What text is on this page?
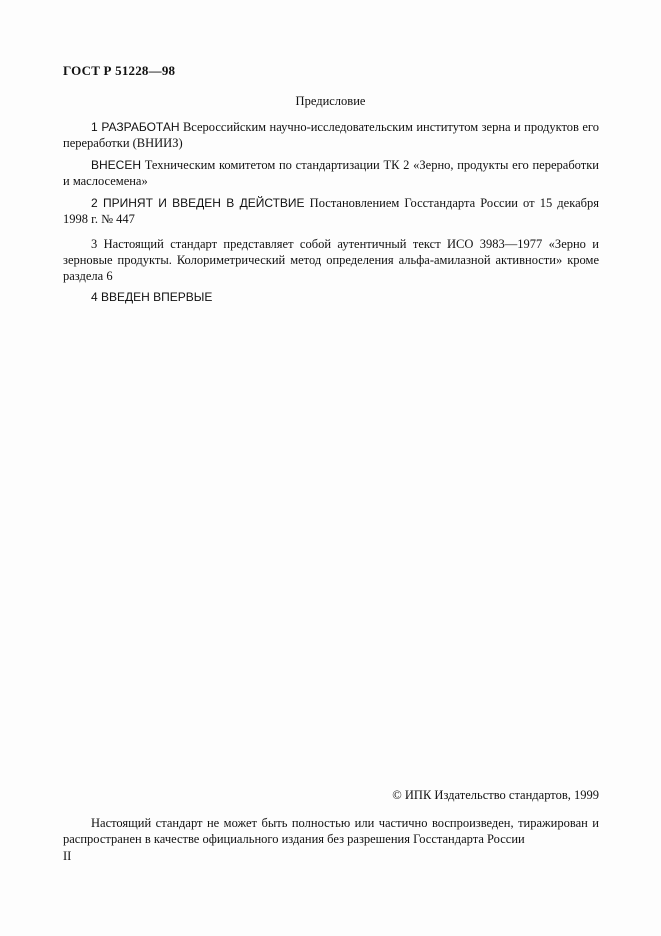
ГОСТ Р 51228—98
Предисловие
1 РАЗРАБОТАН Всероссийским научно-исследовательским институтом зерна и продуктов его переработки (ВНИИЗ)
ВНЕСЕН Техническим комитетом по стандартизации ТК 2 «Зерно, продукты его переработки и маслосемена»
2 ПРИНЯТ И ВВЕДЕН В ДЕЙСТВИЕ Постановлением Госстандарта России от 15 декабря 1998 г. № 447
3 Настоящий стандарт представляет собой аутентичный текст ИСО 3983—1977 «Зерно и зерновые продукты. Колориметрический метод определения альфа-амилазной активности» кроме раздела 6
4 ВВЕДЕН ВПЕРВЫЕ
© ИПК Издательство стандартов, 1999
Настоящий стандарт не может быть полностью или частично воспроизведен, тиражирован и распространен в качестве официального издания без разрешения Госстандарта России
II
